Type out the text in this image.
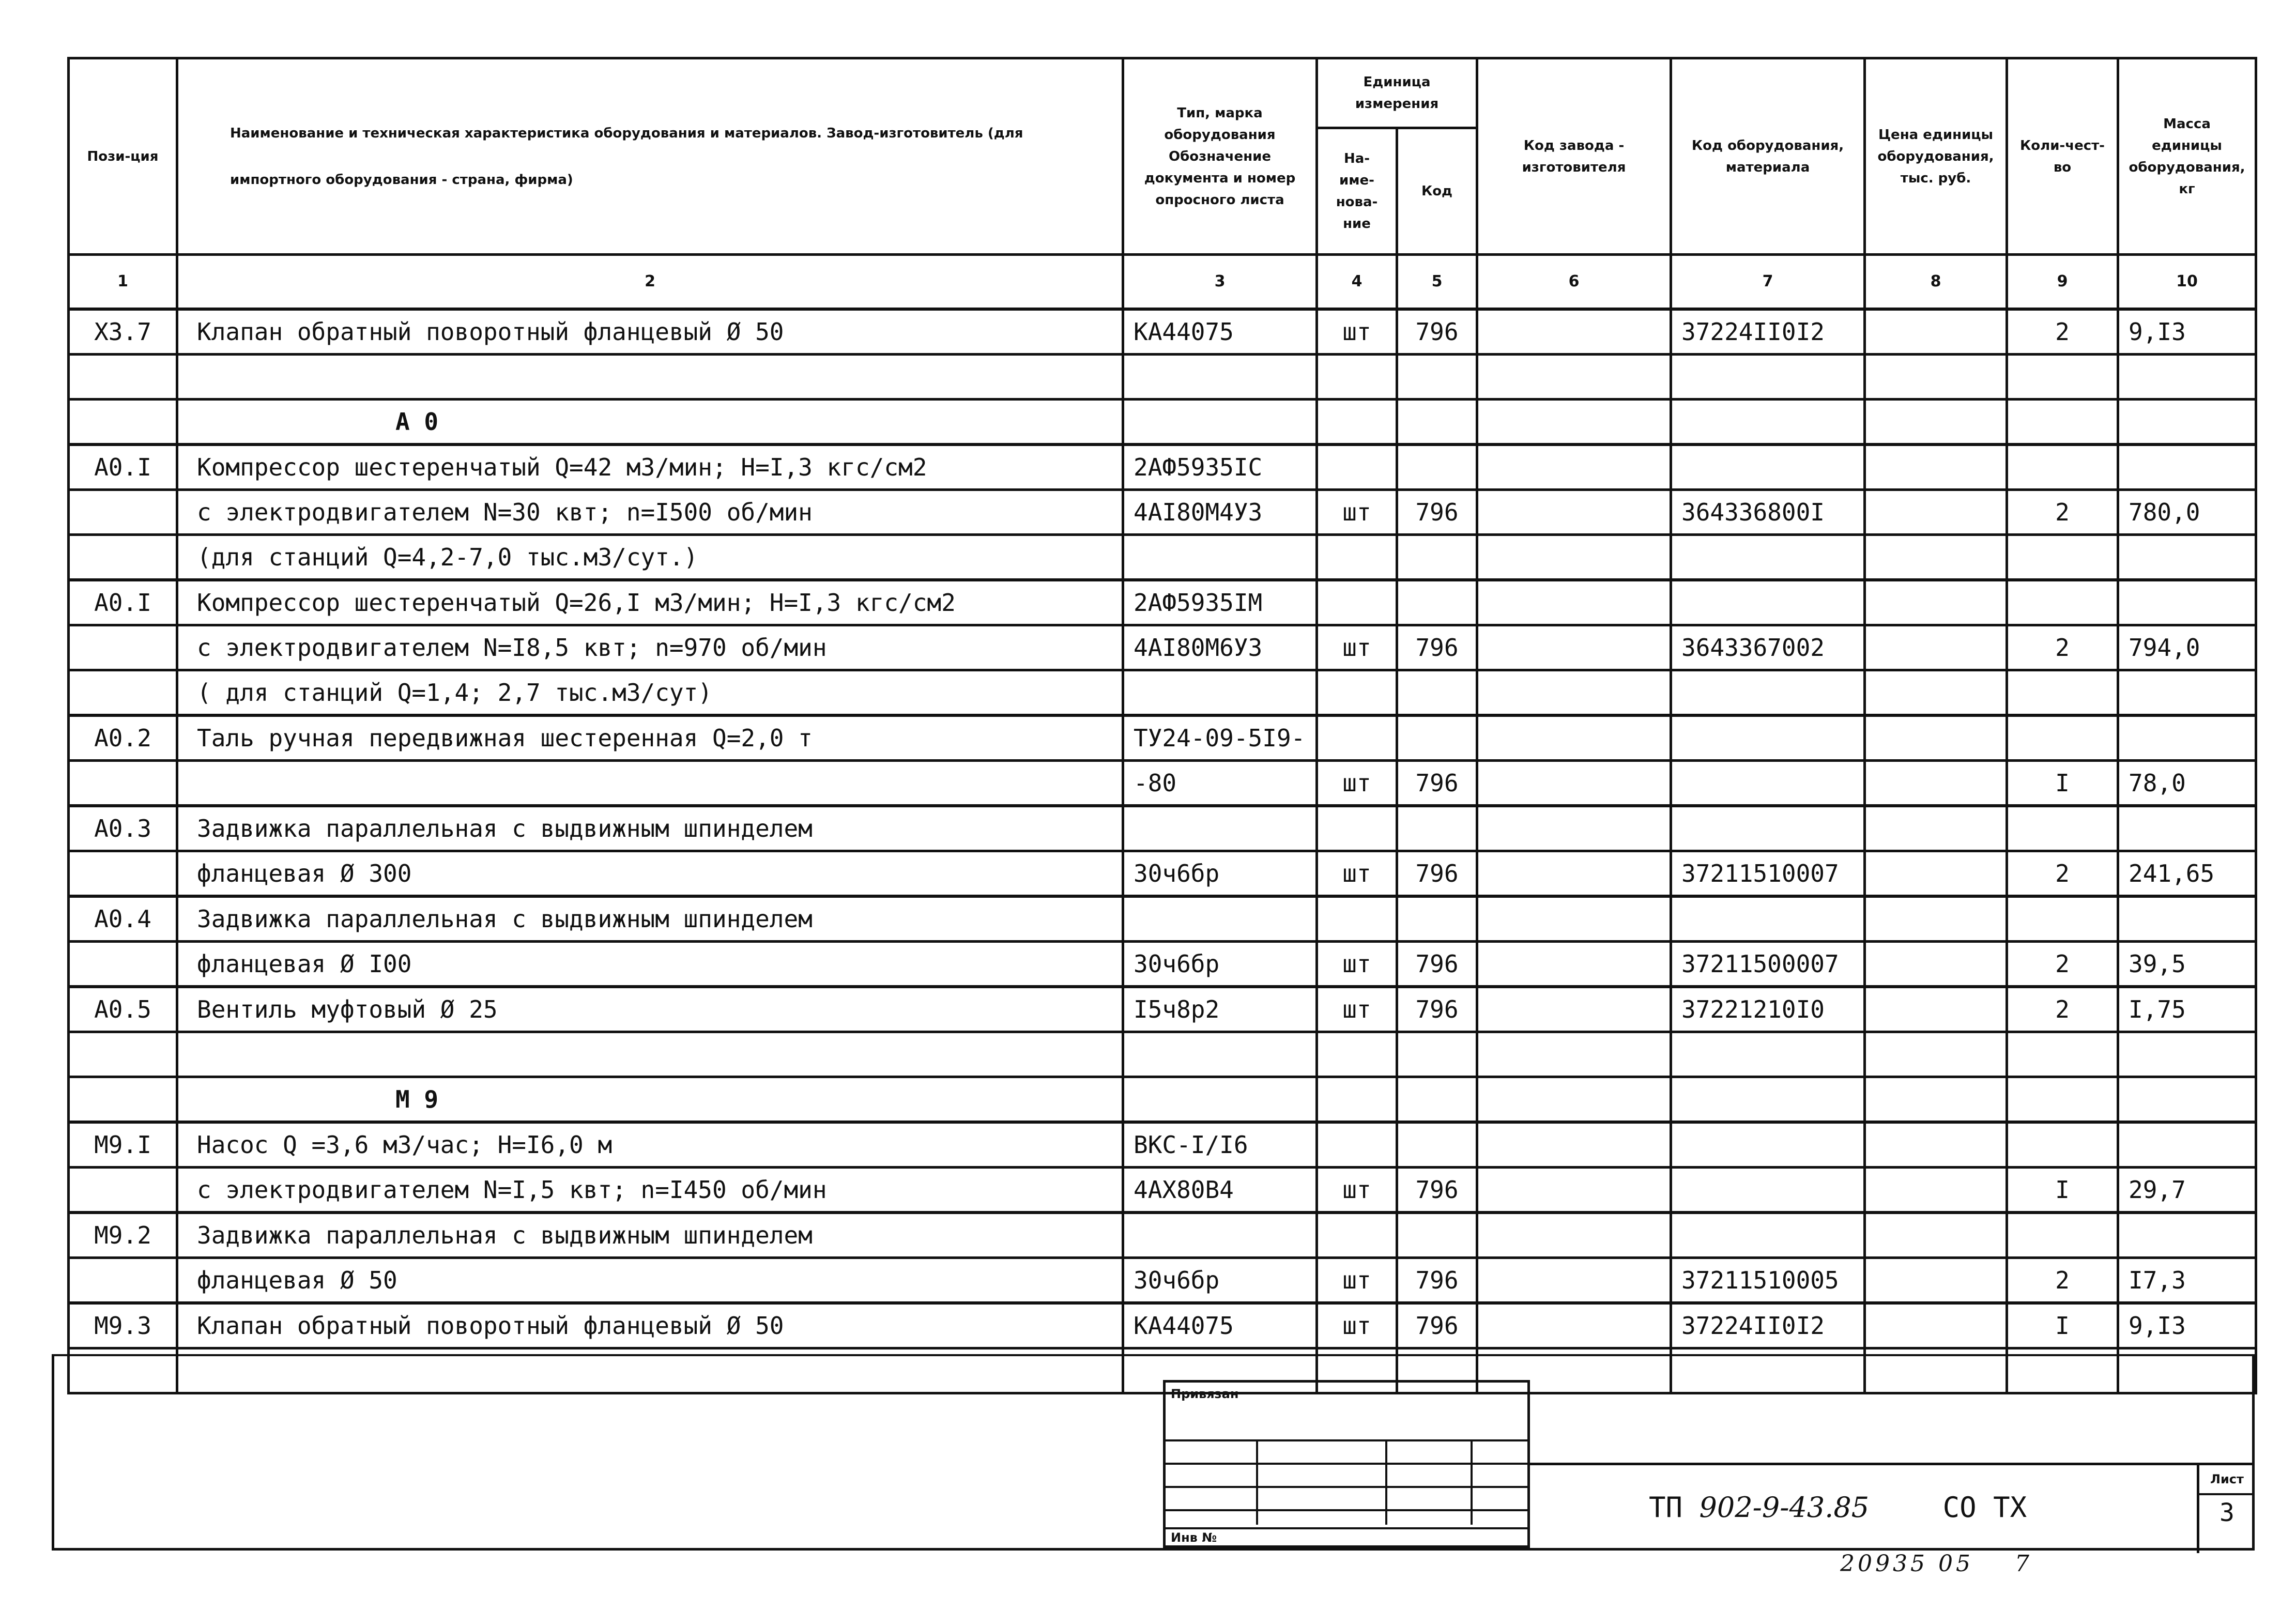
Пози-ция	Наименование и техническая характеристика оборудования и материалов. Завод-изготовитель (для импортного оборудования - страна, фирма)	Тип, марка оборудования Обозначение документа и номер опросного листа	Единица измерения		Код завода - изготовителя	Код оборудования, материала	Цена единицы оборудования, тыс. руб.	Коли-чест-во	Масса единицы оборудования, кг
			На-име-нова-ние	Код					
1	2	3	4	5	6	7	8	9	10
Х3.7	Клапан обратный поворотный фланцевый Ø 50	КА44075	шт	796		37224II0I2		2	9,I3

	А 0								
А0.I	Компрессор шестеренчатый Q=42 м3/мин; Н=I,3 кгс/см2	2АФ5935IС							
	с электродвигателем N=30 квт; n=I500 об/мин	4АI80М4У3	шт	796		364336800I		2	780,0
	(для станций Q=4,2-7,0 тыс.м3/сут.)								
А0.I	Компрессор шестеренчатый Q=26,I м3/мин; Н=I,3 кгс/см2	2АФ5935IМ							
	с электродвигателем N=I8,5 квт; n=970 об/мин	4АI80М6У3	шт	796		3643367002		2	794,0
	( для станций Q=1,4; 2,7 тыс.м3/сут)								
А0.2	Таль ручная передвижная шестеренная Q=2,0 т	ТУ24-09-5I9-							
		-80	шт	796				I	78,0
А0.3	Задвижка параллельная с выдвижным шпинделем								
	фланцевая Ø 300	30ч6бр	шт	796		37211510007		2	241,65
А0.4	Задвижка параллельная с выдвижным шпинделем								
	фланцевая Ø I00	30ч6бр	шт	796		37211500007		2	39,5
А0.5	Вентиль муфтовый Ø 25	I5ч8р2	шт	796		37221210I0		2	I,75

	М 9								
М9.I	Насос Q =3,6 м3/час; Н=I6,0 м	ВКС-I/I6							
	с электродвигателем N=I,5 квт; n=I450 об/мин	4АХ80В4	шт	796				I	29,7
М9.2	Задвижка параллельная с выдвижным шпинделем								
	фланцевая Ø 50	30ч6бр	шт	796		37211510005		2	I7,3
М9.3	Клапан обратный поворотный фланцевый Ø 50	КА44075	шт	796		37224II0I2		I	9,I3

Привязан
Инв №
ТП 902-9-43.85	СО ТХ
Лист
3
20935 05 7
